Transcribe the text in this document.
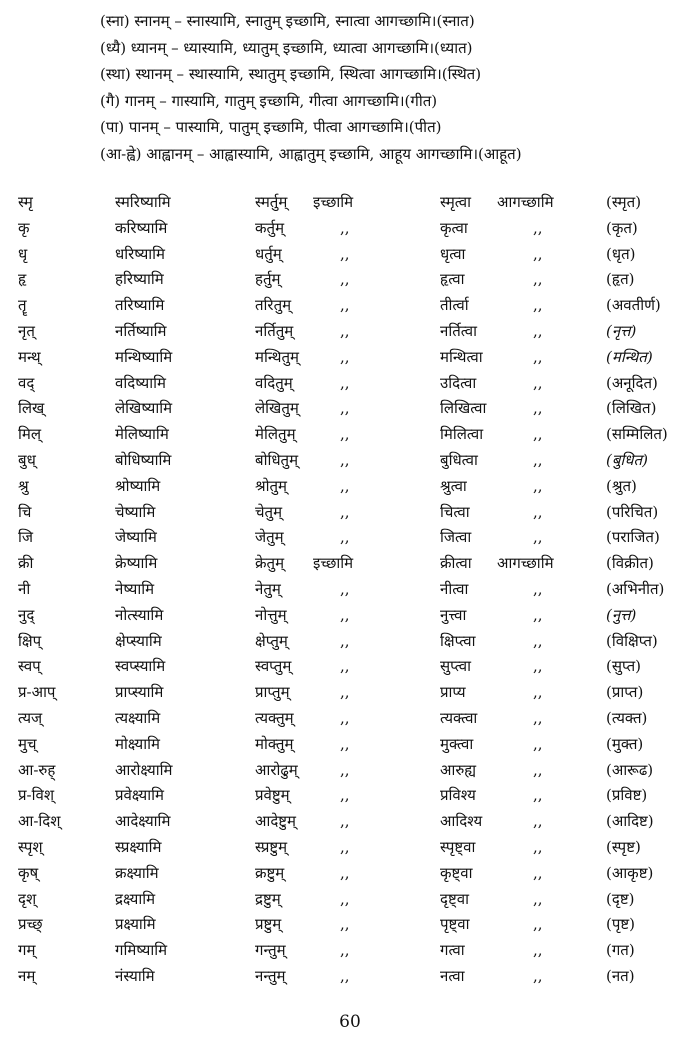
(स्ना) स्नानम् – स्नास्यामि, स्नातुम् इच्छामि, स्नात्वा आगच्छामि।(स्नात)
(ध्यै) ध्यानम् – ध्यास्यामि, ध्यातुम् इच्छामि, ध्यात्वा आगच्छामि।(ध्यात)
(स्था) स्थानम् – स्थास्यामि, स्थातुम् इच्छामि, स्थित्वा आगच्छामि।(स्थित)
(गै) गानम् – गास्यामि, गातुम् इच्छामि, गीत्वा आगच्छामि।(गीत)
(पा) पानम् – पास्यामि, पातुम् इच्छामि, पीत्वा आगच्छामि।(पीत)
(आ-ह्वे) आह्वानम् – आह्वास्यामि, आह्वातुम् इच्छामि, आहूय आगच्छामि।(आहूत)
स्मृ	स्मरिष्यामि	स्मर्तुम् इच्छामि	स्मृत्वा आगच्छामि	(स्मृत)
कृ	करिष्यामि	कर्तुम्	,,	कृत्वा	,,	(कृत)
धृ	धरिष्यामि	धर्तुम्	,,	धृत्वा	,,	(धृत)
हृ	हरिष्यामि	हर्तुम्	,,	हृत्वा	,,	(हृत)
तॄ	तरिष्यामि	तरितुम्	,,	तीर्त्वा	,,	(अवतीर्ण)
नृत्	नर्तिष्यामि	नर्तितुम्	,,	नर्तित्वा	,,	(नृत्त)
मन्थ्	मन्थिष्यामि	मन्थितुम्	,,	मन्थित्वा	,,	(मन्थित)
वद्	वदिष्यामि	वदितुम्	,,	उदित्वा	,,	(अनूदित)
लिख्	लेखिष्यामि	लेखितुम्	,,	लिखित्वा	,,	(लिखित)
मिल्	मेलिष्यामि	मेलितुम्	,,	मिलित्वा	,,	(सम्मिलित)
बुध्	बोधिष्यामि	बोधितुम्	,,	बुधित्वा	,,	(बुधित)
श्रु	श्रोष्यामि	श्रोतुम्	,,	श्रुत्वा	,,	(श्रुत)
चि	चेष्यामि	चेतुम्	,,	चित्वा	,,	(परिचित)
जि	जेष्यामि	जेतुम्	,,	जित्वा	,,	(पराजित)
क्री	क्रेष्यामि	क्रेतुम् इच्छामि	क्रीत्वा आगच्छामि	(विक्रीत)
नी	नेष्यामि	नेतुम्	,,	नीत्वा	,,	(अभिनीत)
नुद्	नोत्स्यामि	नोत्तुम्	,,	नुत्त्वा	,,	(नुत्त)
क्षिप्	क्षेप्स्यामि	क्षेप्तुम्	,,	क्षिप्त्वा	,,	(विक्षिप्त)
स्वप्	स्वप्स्यामि	स्वप्तुम्	,,	सुप्त्वा	,,	(सुप्त)
प्र-आप्	प्राप्स्यामि	प्राप्तुम्	,,	प्राप्य	,,	(प्राप्त)
त्यज्	त्यक्ष्यामि	त्यक्तुम्	,,	त्यक्त्वा	,,	(त्यक्त)
मुच्	मोक्ष्यामि	मोक्तुम्	,,	मुक्त्वा	,,	(मुक्त)
आ-रुह्	आरोक्ष्यामि	आरोढुम्	,,	आरुह्य	,,	(आरूढ)
प्र-विश्	प्रवेक्ष्यामि	प्रवेष्टुम्	,,	प्रविश्य	,,	(प्रविष्ट)
आ-दिश्	आदेक्ष्यामि	आदेष्टुम्	,,	आदिश्य	,,	(आदिष्ट)
स्पृश्	स्प्रक्ष्यामि	स्प्रष्टुम्	,,	स्पृष्ट्वा	,,	(स्पृष्ट)
कृष्	क्रक्ष्यामि	क्रष्टुम्	,,	कृष्ट्वा	,,	(आकृष्ट)
दृश्	द्रक्ष्यामि	द्रष्टुम्	,,	दृष्ट्वा	,,	(दृष्ट)
प्रच्छ्	प्रक्ष्यामि	प्रष्टुम्	,,	पृष्ट्वा	,,	(पृष्ट)
गम्	गमिष्यामि	गन्तुम्	,,	गत्वा	,,	(गत)
नम्	नंस्यामि	नन्तुम्	,,	नत्वा	,,	(नत)
60
